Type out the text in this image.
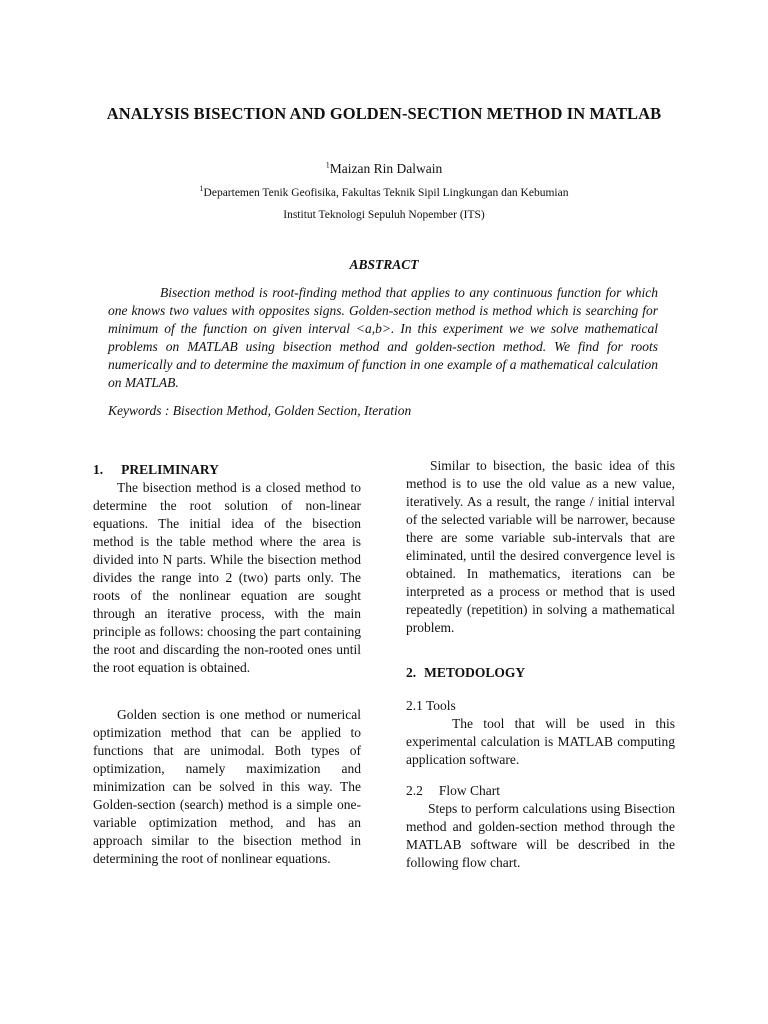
ANALYSIS BISECTION AND GOLDEN-SECTION METHOD IN MATLAB
$^1$Maizan Rin Dalwain
$^1$Departemen Tenik Geofisika, Fakultas Teknik Sipil Lingkungan dan Kebumian
Institut Teknologi Sepuluh Nopember (ITS)
ABSTRACT

Bisection method is root-finding method that applies to any continuous function for which one knows two values with opposites signs. Golden-section method is method which is searching for minimum of the function on given interval <a,b>. In this experiment we we solve mathematical problems on MATLAB using bisection method and golden-section method. We find for roots numerically and to determine the maximum of function in one example of a mathematical calculation on MATLAB.

Keywords : Bisection Method, Golden Section, Iteration

1. PRELIMINARY

The bisection method is a closed method to determine the root solution of non-linear equations. The initial idea of the bisection method is the table method where the area is divided into N parts. While the bisection method divides the range into 2 (two) parts only. The roots of the nonlinear equation are sought through an iterative process, with the main principle as follows: choosing the part containing the root and discarding the non-rooted ones until the root equation is obtained.

Golden section is one method or numerical optimization method that can be applied to functions that are unimodal. Both types of optimization, namely maximization and minimization can be solved in this way. The Golden-section (search) method is a simple one-variable optimization method, and has an approach similar to the bisection method in determining the root of nonlinear equations.

Similar to bisection, the basic idea of this method is to use the old value as a new value, iteratively. As a result, the range / initial interval of the selected variable will be narrower, because there are some variable sub-intervals that are eliminated, until the desired convergence level is obtained. In mathematics, iterations can be interpreted as a process or method that is used repeatedly (repetition) in solving a mathematical problem.

2. METODOLOGY
2.1 Tools

The tool that will be used in this experimental calculation is MATLAB computing application software.

2.2 Flow Chart

Steps to perform calculations using Bisection method and golden-section method through the MATLAB software will be described in the following flow chart.
